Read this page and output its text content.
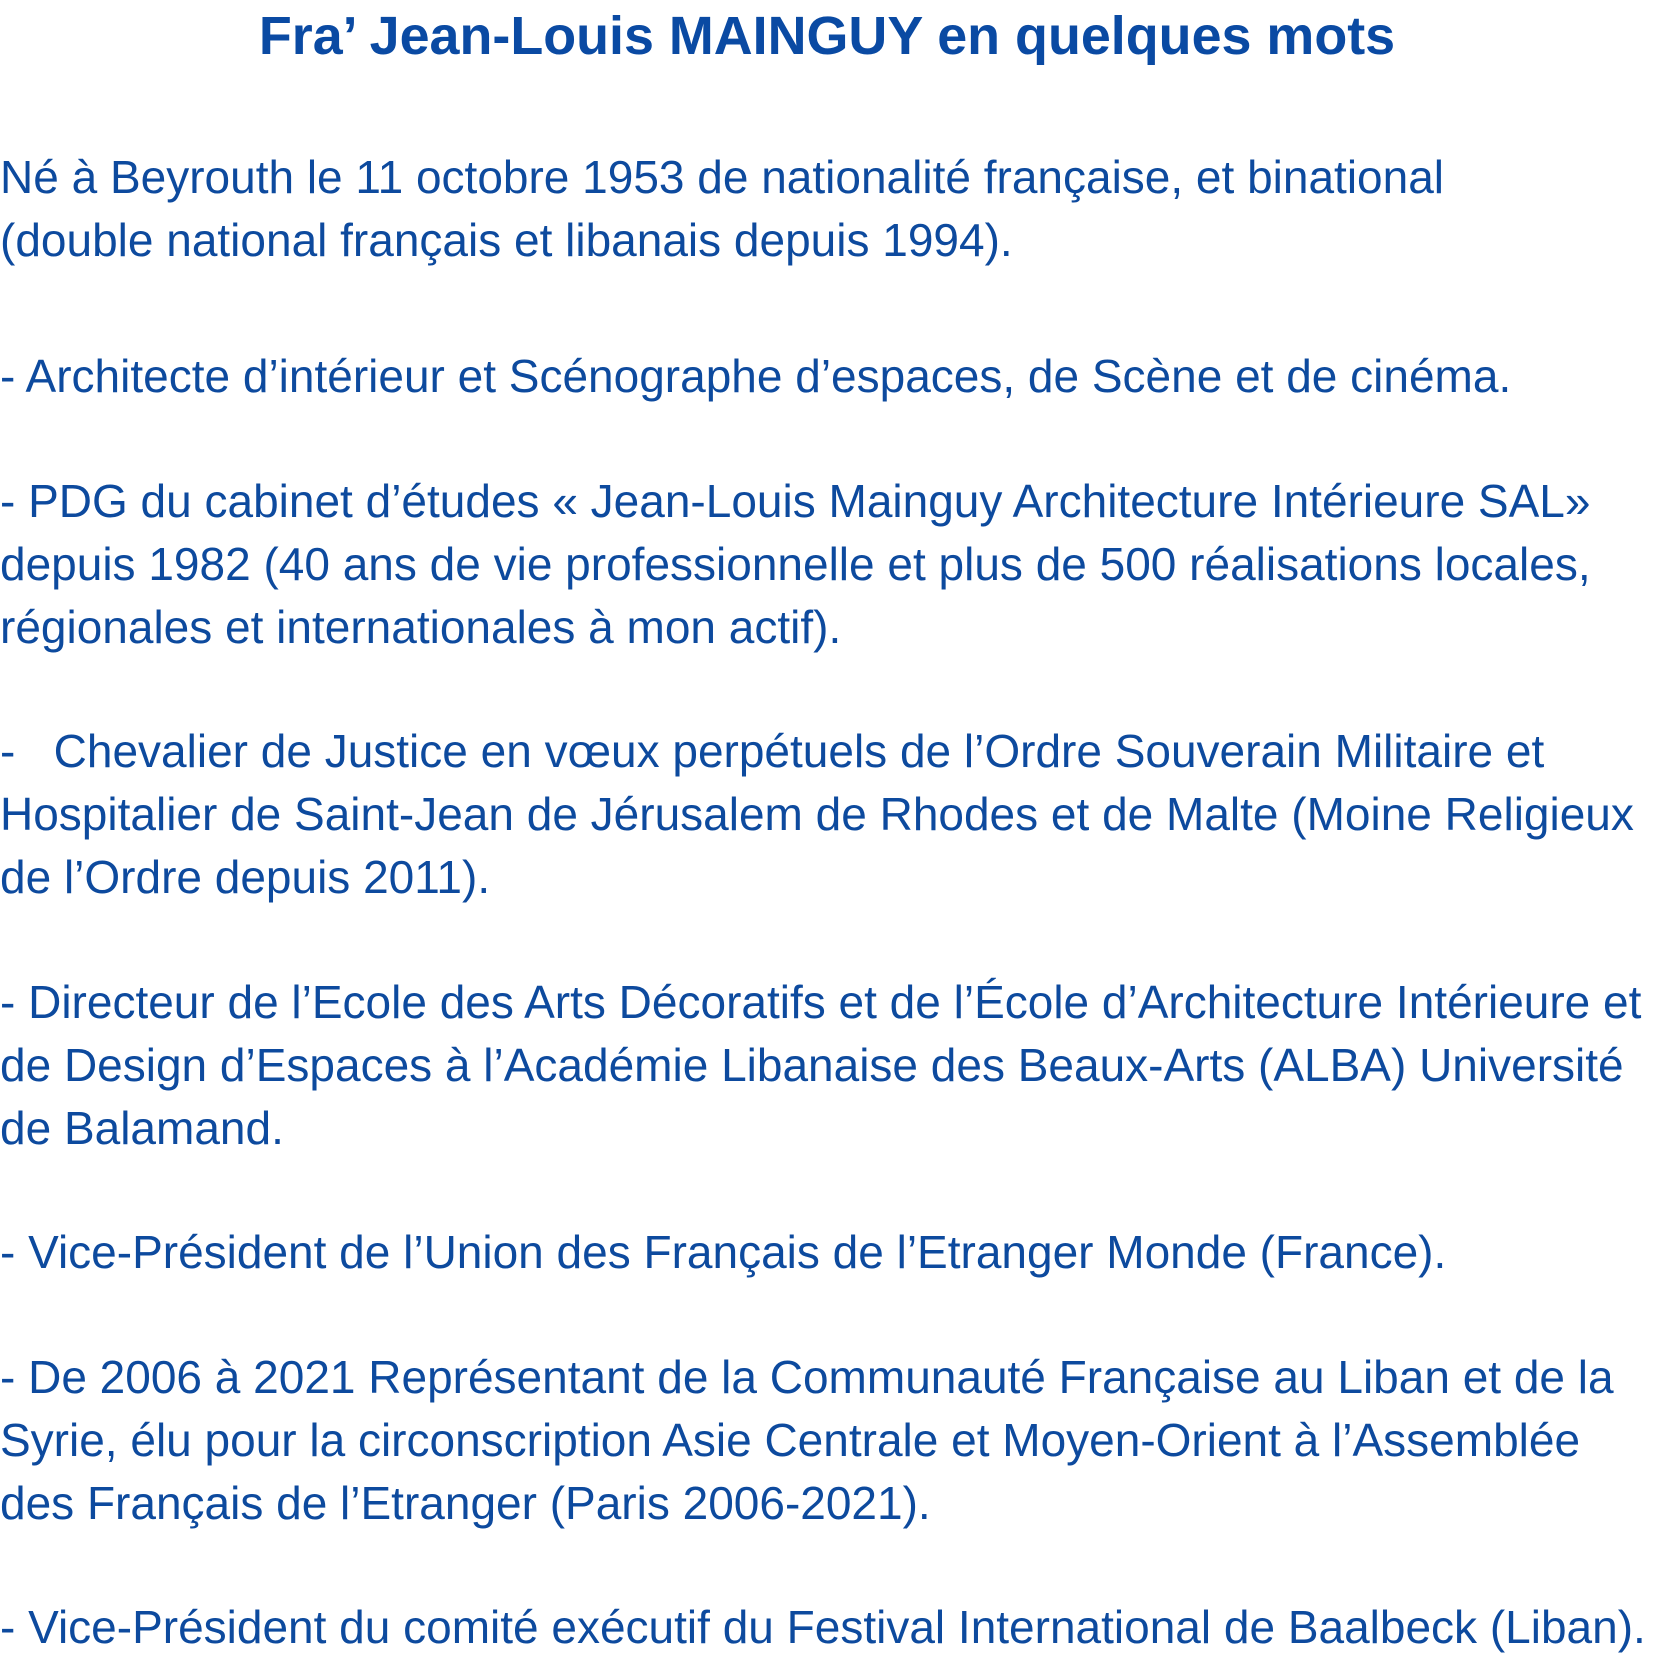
Fra’ Jean-Louis MAINGUY en quelques mots

Né à Beyrouth le 11 octobre 1953 de nationalité française, et binational
(double national français et libanais depuis 1994).

- Architecte d’intérieur et Scénographe d’espaces, de Scène et de cinéma.

- PDG du cabinet d’études « Jean-Louis Mainguy Architecture Intérieure SAL»
depuis 1982 (40 ans de vie professionnelle et plus de 500 réalisations locales,
régionales et internationales à mon actif).

-   Chevalier de Justice en vœux perpétuels de l’Ordre Souverain Militaire et
Hospitalier de Saint-Jean de Jérusalem de Rhodes et de Malte (Moine Religieux
de l’Ordre depuis 2011).

- Directeur de l’Ecole des Arts Décoratifs et de l’École d’Architecture Intérieure et
de Design d’Espaces à l’Académie Libanaise des Beaux-Arts (ALBA) Université
de Balamand.

- Vice-Président de l’Union des Français de l’Etranger Monde (France).

- De 2006 à 2021 Représentant de la Communauté Française au Liban et de la
Syrie, élu pour la circonscription Asie Centrale et Moyen-Orient à l’Assemblée
des Français de l’Etranger (Paris 2006-2021).

- Vice-Président du comité exécutif du Festival International de Baalbeck (Liban).
